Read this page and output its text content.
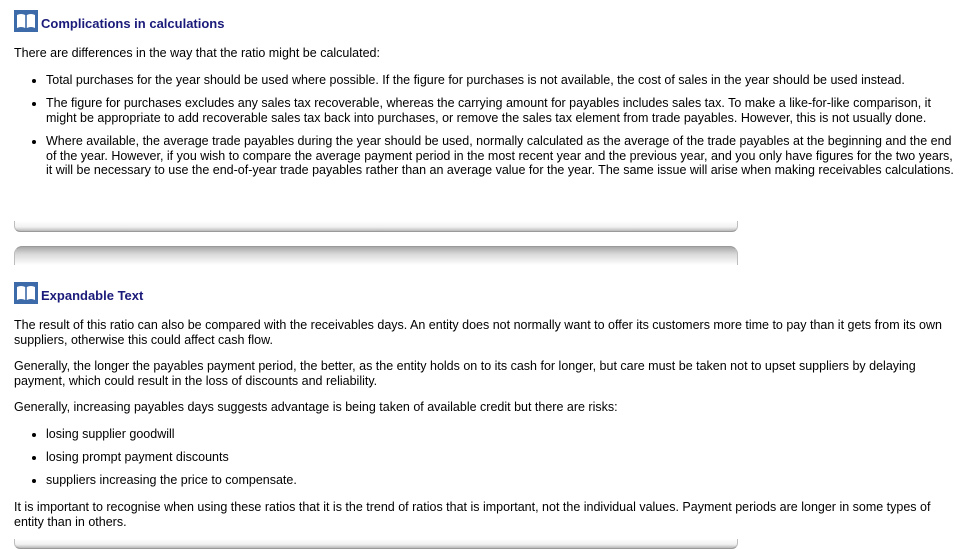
Complications in calculations

There are differences in the way that the ratio might be calculated:

• Total purchases for the year should be used where possible. If the figure for purchases is not available, the cost of sales in the year should be used instead.
• The figure for purchases excludes any sales tax recoverable, whereas the carrying amount for payables includes sales tax. To make a like-for-like comparison, it might be appropriate to add recoverable sales tax back into purchases, or remove the sales tax element from trade payables. However, this is not usually done.
• Where available, the average trade payables during the year should be used, normally calculated as the average of the trade payables at the beginning and the end of the year. However, if you wish to compare the average payment period in the most recent year and the previous year, and you only have figures for the two years, it will be necessary to use the end-of-year trade payables rather than an average value for the year. The same issue will arise when making receivables calculations.
Expandable Text

The result of this ratio can also be compared with the receivables days. An entity does not normally want to offer its customers more time to pay than it gets from its own suppliers, otherwise this could affect cash flow.

Generally, the longer the payables payment period, the better, as the entity holds on to its cash for longer, but care must be taken not to upset suppliers by delaying payment, which could result in the loss of discounts and reliability.

Generally, increasing payables days suggests advantage is being taken of available credit but there are risks:

• losing supplier goodwill
• losing prompt payment discounts
• suppliers increasing the price to compensate.

It is important to recognise when using these ratios that it is the trend of ratios that is important, not the individual values. Payment periods are longer in some types of entity than in others.
